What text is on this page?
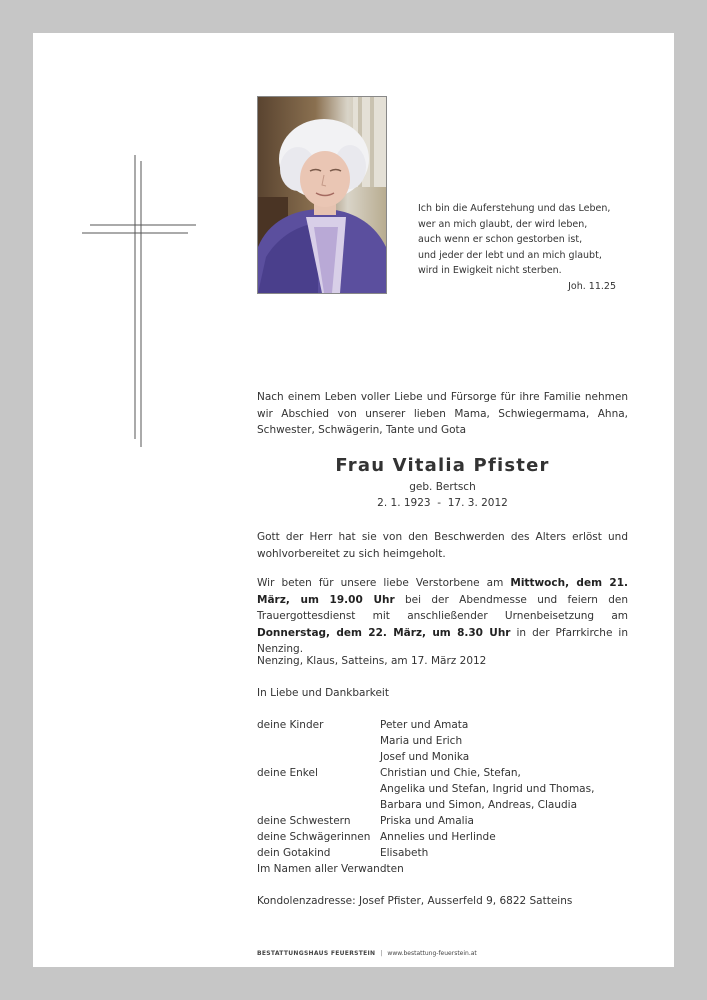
Ich bin die Auferstehung und das Leben,
wer an mich glaubt, der wird leben,
auch wenn er schon gestorben ist,
und jeder der lebt und an mich glaubt,
wird in Ewigkeit nicht sterben.
Joh. 11.25
Nach einem Leben voller Liebe und Fürsorge für ihre Familie nehmen wir Abschied von unserer lieben Mama, Schwiegermama, Ahna, Schwester, Schwägerin, Tante und Gota
Frau Vitalia Pfister
geb. Bertsch
2. 1. 1923  -  17. 3. 2012
Gott der Herr hat sie von den Beschwerden des Alters erlöst und wohlvorbereitet zu sich heimgeholt.
Wir beten für unsere liebe Verstorbene am Mittwoch, dem 21. März, um 19.00 Uhr bei der Abendmesse und feiern den Trauergottesdienst mit anschließender Urnenbeisetzung am Donnerstag, dem 22. März, um 8.30 Uhr in der Pfarrkirche in Nenzing.
Nenzing, Klaus, Satteins, am 17. März 2012
In Liebe und Dankbarkeit
deine Kinder	Peter und Amata
Maria und Erich
Josef und Monika
deine Enkel	Christian und Chie, Stefan,
Angelika und Stefan, Ingrid und Thomas,
Barbara und Simon, Andreas, Claudia
deine Schwestern	Priska und Amalia
deine Schwägerinnen Annelies und Herlinde
dein Gotakind	Elisabeth
Im Namen aller Verwandten
Kondolenzadresse: Josef Pfister, Ausserfeld 9, 6822 Satteins
BESTATTUNGSHAUS FEUERSTEIN | www.bestattung-feuerstein.at
